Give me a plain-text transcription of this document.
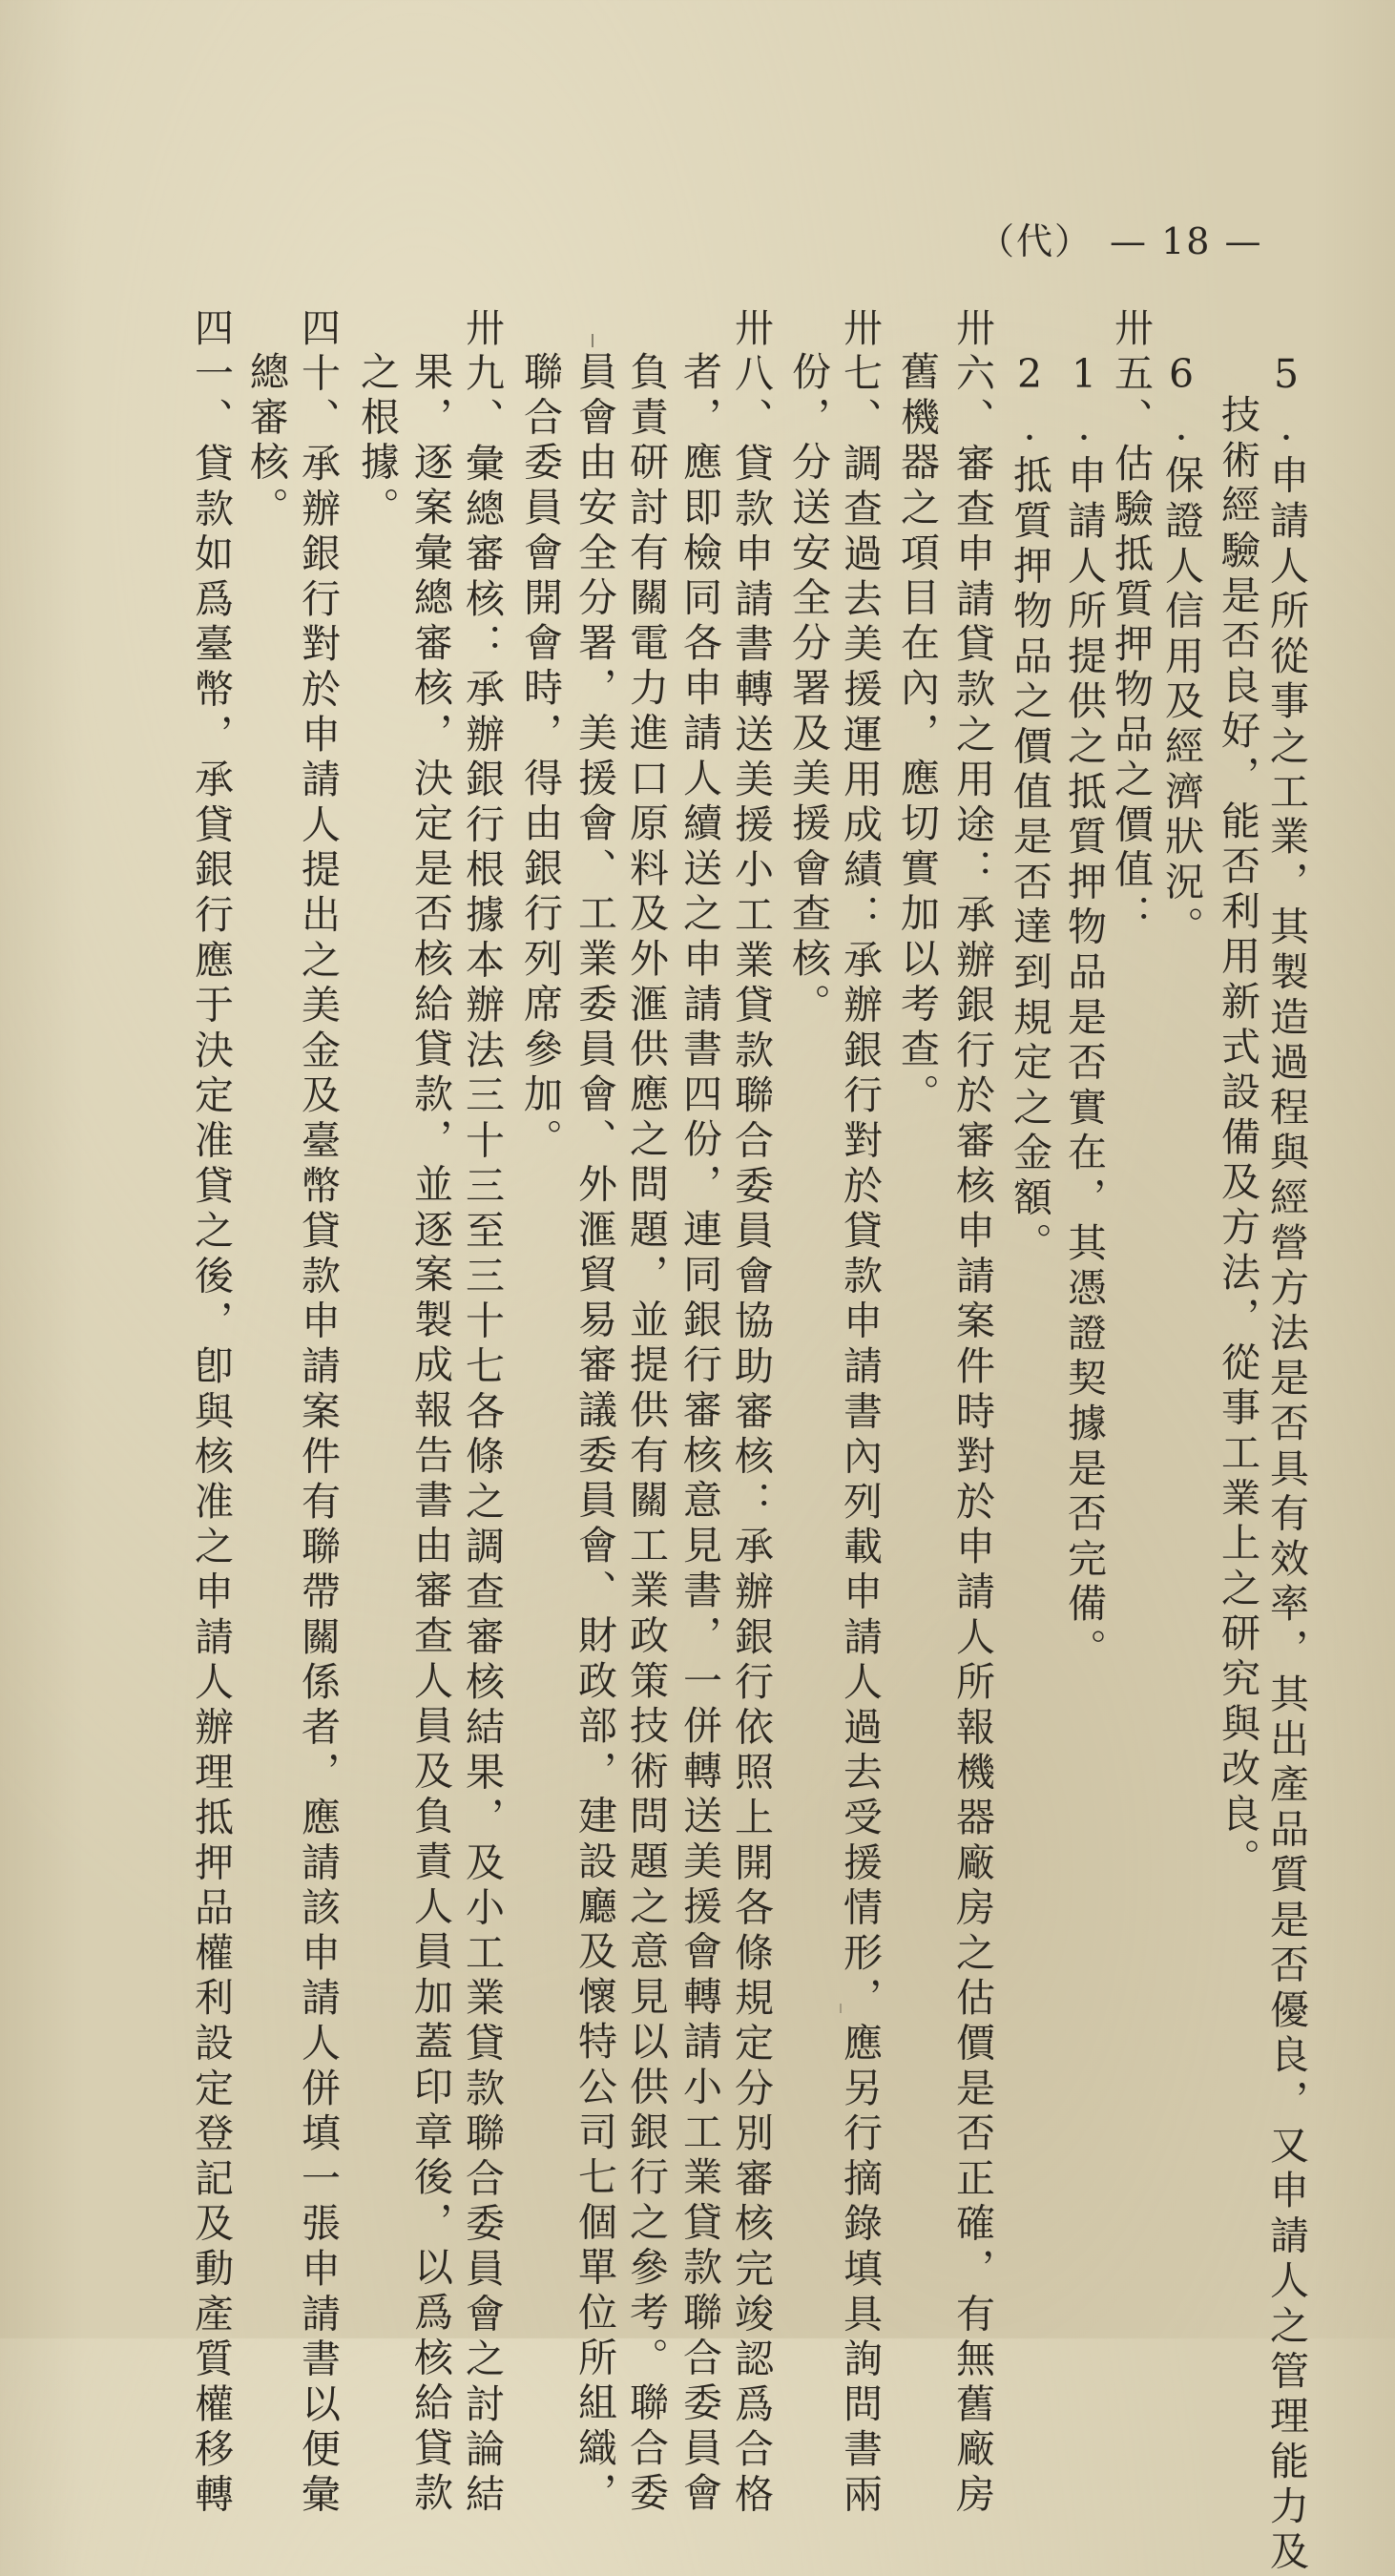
（代） — 18 —
5.申請人所從事之工業，其製造過程與經營方法是否具有效率，其出產品質是否優良，又申請人之管理能力及
技術經驗是否良好，能否利用新式設備及方法，從事工業上之研究與改良。
6.保證人信用及經濟狀況。
卅五、估驗抵質押物品之價值：
1.申請人所提供之抵質押物品是否實在，其憑證契據是否完備。
2.抵質押物品之價值是否達到規定之金額。
卅六、審查申請貸款之用途：承辦銀行於審核申請案件時對於申請人所報機器廠房之估價是否正確，有無舊廠房
舊機器之項目在內，應切實加以考查。
卅七、調查過去美援運用成績：承辦銀行對於貸款申請書內列載申請人過去受援情形，應另行摘錄填具詢問書兩
份，分送安全分署及美援會查核。
卅八、貸款申請書轉送美援小工業貸款聯合委員會協助審核：承辦銀行依照上開各條規定分別審核完竣認爲合格
者，應即檢同各申請人續送之申請書四份，連同銀行審核意見書，一併轉送美援會轉請小工業貸款聯合委員會
負責研討有關電力進口原料及外滙供應之問題，並提供有關工業政策技術問題之意見以供銀行之參考。聯合委
員會由安全分署，美援會、工業委員會、外滙貿易審議委員會、財政部，建設廳及懷特公司七個單位所組織，
聯合委員會開會時，得由銀行列席參加。
卅九、彙總審核：承辦銀行根據本辦法三十三至三十七各條之調查審核結果，及小工業貸款聯合委員會之討論結
果，逐案彙總審核，決定是否核給貸款，並逐案製成報告書由審查人員及負責人員加蓋印章後，以爲核給貸款
之根據。
四十、承辦銀行對於申請人提出之美金及臺幣貸款申請案件有聯帶關係者，應請該申請人併填一張申請書以便彙
總審核。
四一、貸款如爲臺幣，承貸銀行應于決定准貸之後，卽與核准之申請人辦理抵押品權利設定登記及動產質權移轉
